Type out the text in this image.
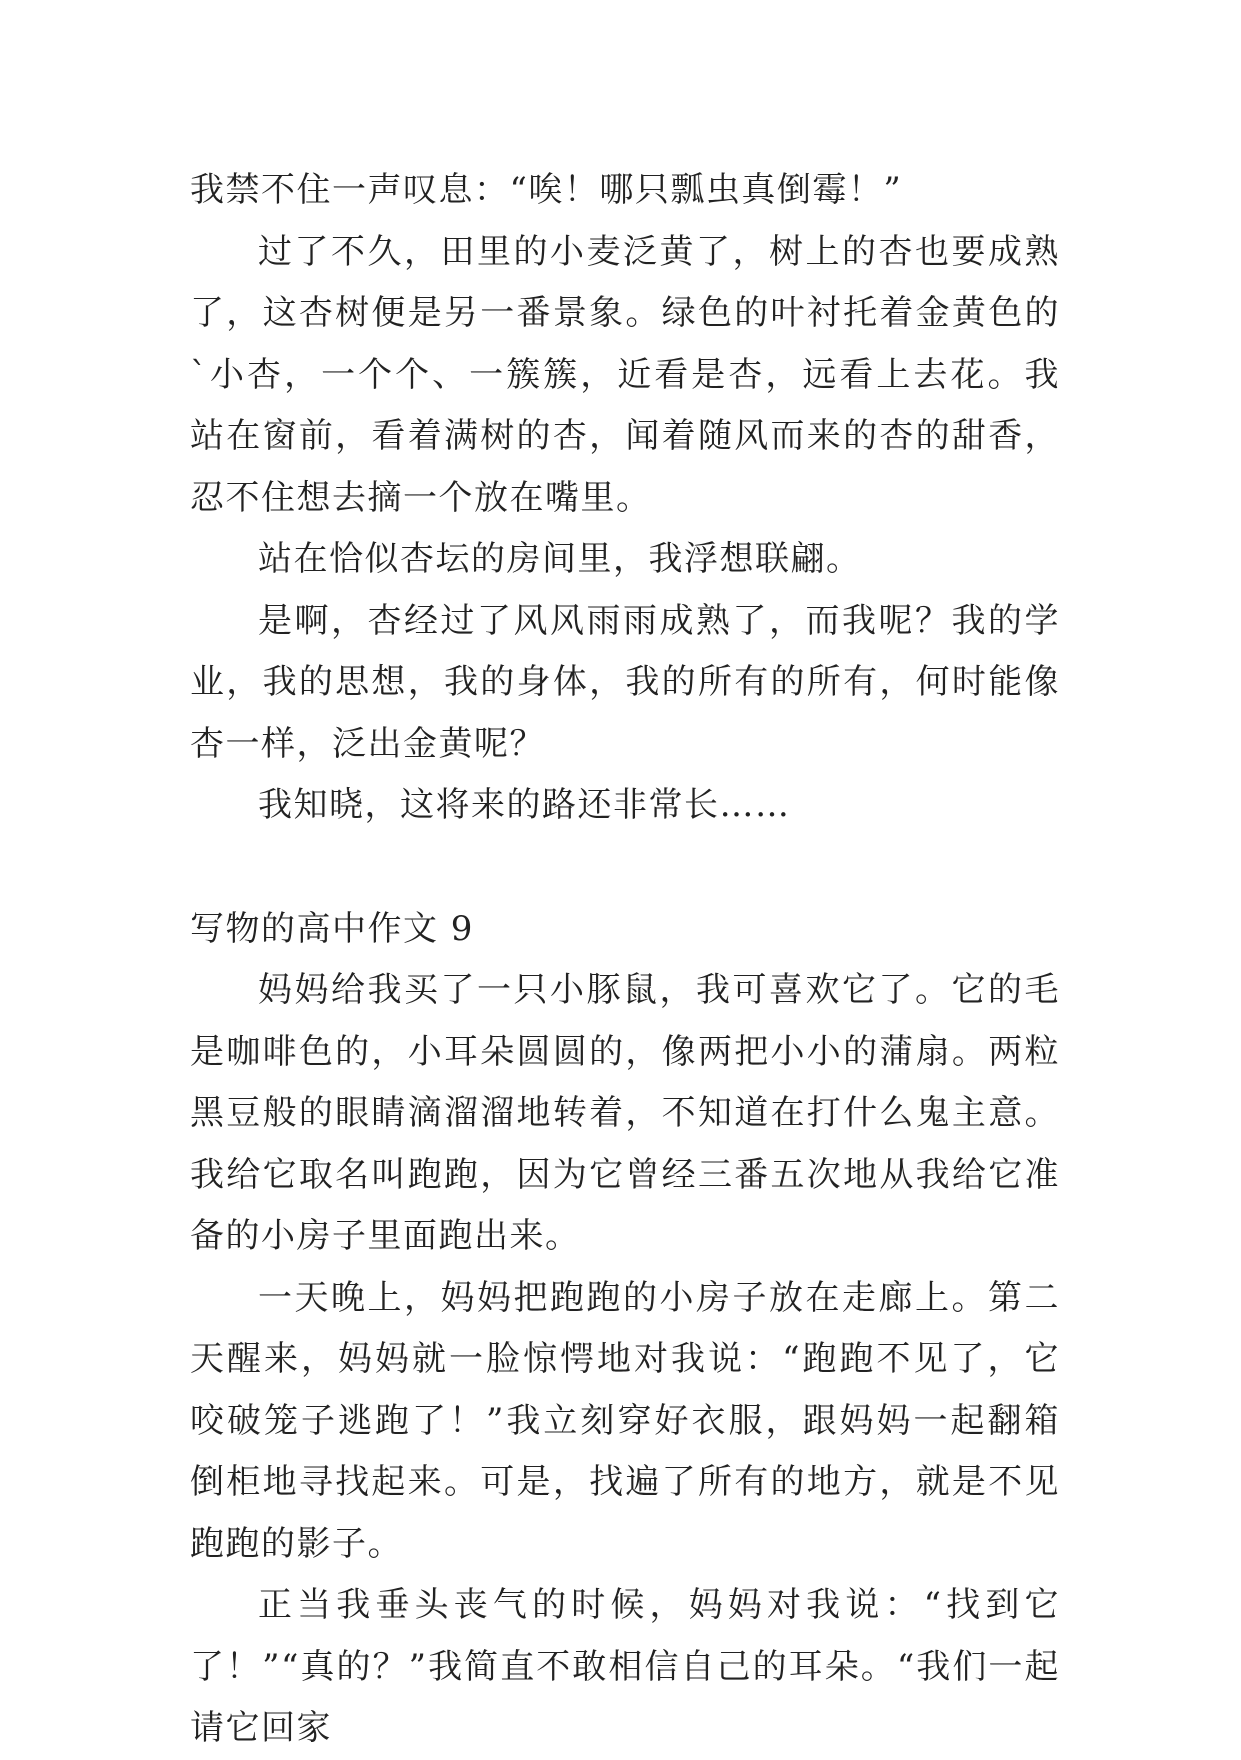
我禁不住一声叹息：“唉！哪只瓢虫真倒霉！”

过了不久，田里的小麦泛黄了，树上的杏也要成熟了，这杏树便是另一番景象。绿色的叶衬托着金黄色的`小杏，一个个、一簇簇，近看是杏，远看上去花。我站在窗前，看着满树的杏，闻着随风而来的杏的甜香，忍不住想去摘一个放在嘴里。

站在恰似杏坛的房间里，我浮想联翩。

是啊，杏经过了风风雨雨成熟了，而我呢？我的学业，我的思想，我的身体，我的所有的所有，何时能像杏一样，泛出金黄呢？

我知晓，这将来的路还非常长……

写物的高中作文 9

妈妈给我买了一只小豚鼠，我可喜欢它了。它的毛是咖啡色的，小耳朵圆圆的，像两把小小的蒲扇。两粒黑豆般的眼睛滴溜溜地转着，不知道在打什么鬼主意。我给它取名叫跑跑，因为它曾经三番五次地从我给它准备的小房子里面跑出来。

一天晚上，妈妈把跑跑的小房子放在走廊上。第二天醒来，妈妈就一脸惊愕地对我说：“跑跑不见了，它咬破笼子逃跑了！”我立刻穿好衣服，跟妈妈一起翻箱倒柜地寻找起来。可是，找遍了所有的地方，就是不见跑跑的影子。

正当我垂头丧气的时候，妈妈对我说：“找到它了！”“真的？”我简直不敢相信自己的耳朵。“我们一起请它回家
